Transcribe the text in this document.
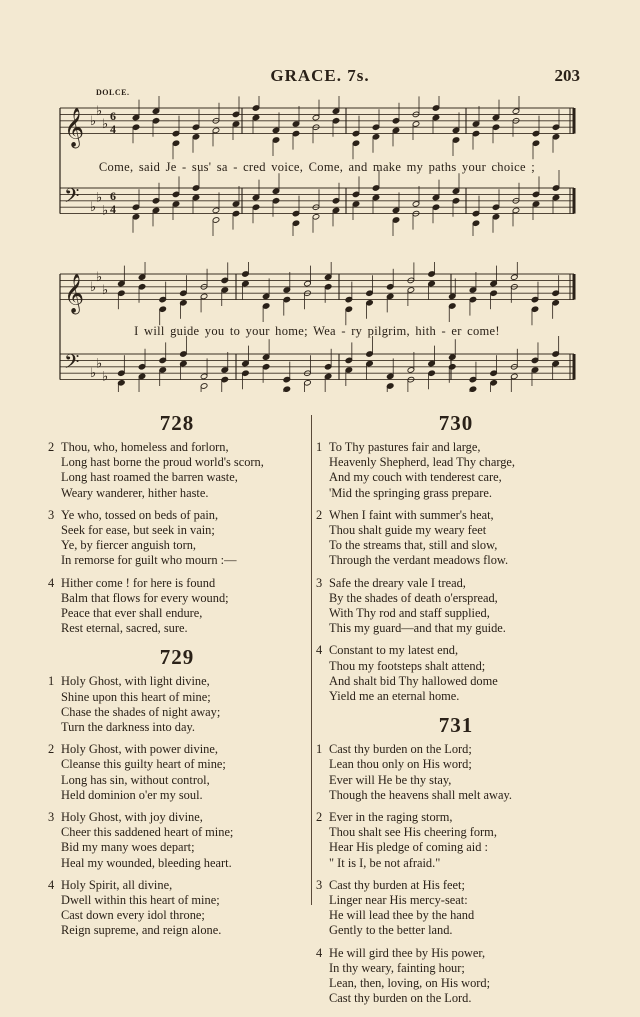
GRACE. 7s.	203
DOLCE.
𝄞 ♭
♭
♭ 6
4
𝄢 ♭
♭
♭
6
4
Come, said Je - sus' sa - cred voice, Come, and make my paths your choice ;
𝄞 ♭
♭
♭
𝄢 ♭
♭
♭
I will guide you to your home; Wea - ry pilgrim, hith - er come!
728
2 Thou, who, homeless and forlorn,
Long hast borne the proud world's scorn,
Long hast roamed the barren waste,
Weary wanderer, hither haste.
3 Ye who, tossed on beds of pain,
Seek for ease, but seek in vain;
Ye, by fiercer anguish torn,
In remorse for guilt who mourn :—
4 Hither come ! for here is found
Balm that flows for every wound;
Peace that ever shall endure,
Rest eternal, sacred, sure.
729
1 Holy Ghost, with light divine,
Shine upon this heart of mine;
Chase the shades of night away;
Turn the darkness into day.
2 Holy Ghost, with power divine,
Cleanse this guilty heart of mine;
Long has sin, without control,
Held dominion o'er my soul.
3 Holy Ghost, with joy divine,
Cheer this saddened heart of mine;
Bid my many woes depart;
Heal my wounded, bleeding heart.
4 Holy Spirit, all divine,
Dwell within this heart of mine;
Cast down every idol throne;
Reign supreme, and reign alone.
730
1 To Thy pastures fair and large,
Heavenly Shepherd, lead Thy charge,
And my couch with tenderest care,
'Mid the springing grass prepare.
2 When I faint with summer's heat,
Thou shalt guide my weary feet
To the streams that, still and slow,
Through the verdant meadows flow.
3 Safe the dreary vale I tread,
By the shades of death o'erspread,
With Thy rod and staff supplied,
This my guard—and that my guide.
4 Constant to my latest end,
Thou my footsteps shalt attend;
And shalt bid Thy hallowed dome
Yield me an eternal home.
731
1 Cast thy burden on the Lord;
Lean thou only on His word;
Ever will He be thy stay,
Though the heavens shall melt away.
2 Ever in the raging storm,
Thou shalt see His cheering form,
Hear His pledge of coming aid :
" It is I, be not afraid."
3 Cast thy burden at His feet;
Linger near His mercy-seat:
He will lead thee by the hand
Gently to the better land.
4 He will gird thee by His power,
In thy weary, fainting hour;
Lean, then, loving, on His word;
Cast thy burden on the Lord.
